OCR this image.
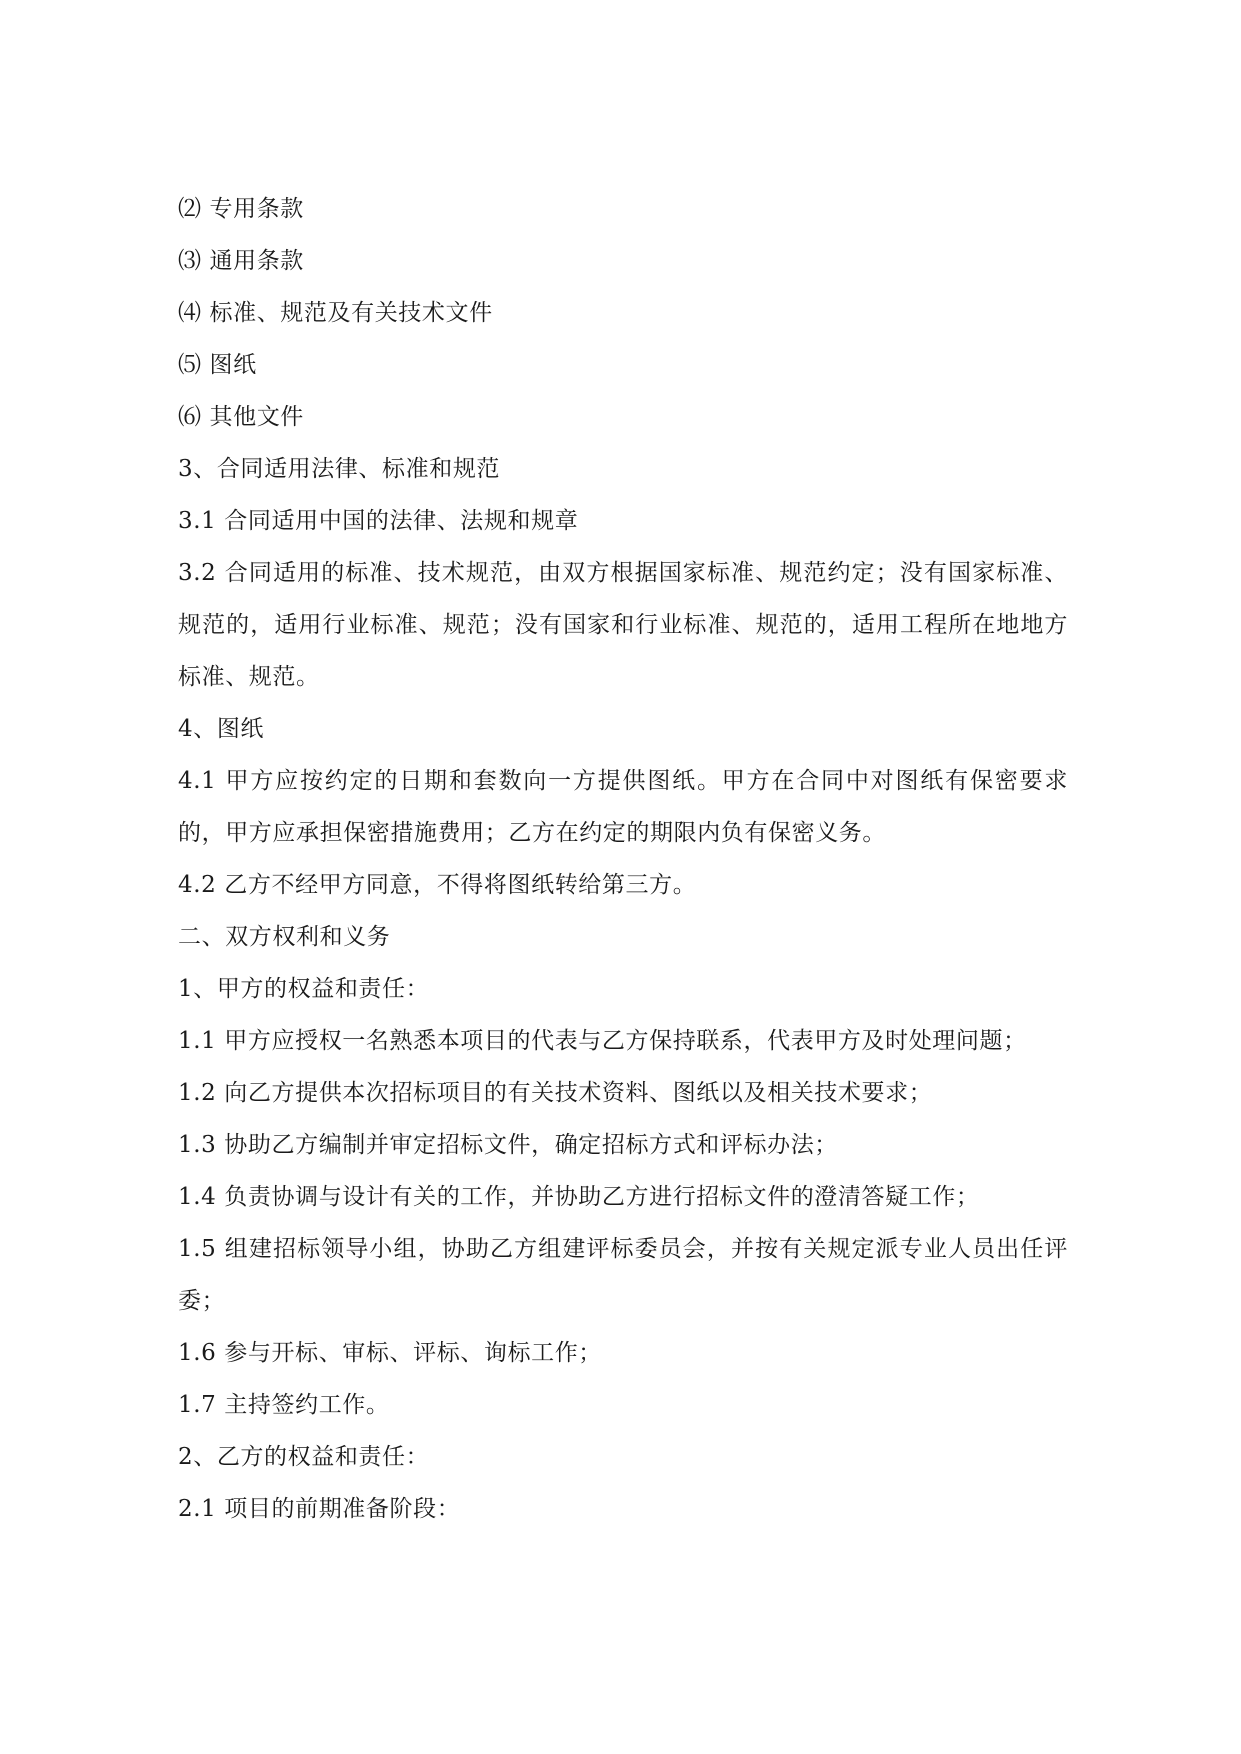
⑵ 专用条款

⑶ 通用条款

⑷ 标准、规范及有关技术文件

⑸ 图纸

⑹ 其他文件

3、合同适用法律、标准和规范

3.1 合同适用中国的法律、法规和规章

3.2 合同适用的标准、技术规范，由双方根据国家标准、规范约定；没有国家标准、规范的，适用行业标准、规范；没有国家和行业标准、规范的，适用工程所在地地方标准、规范。

4、图纸

4.1 甲方应按约定的日期和套数向一方提供图纸。甲方在合同中对图纸有保密要求的，甲方应承担保密措施费用；乙方在约定的期限内负有保密义务。

4.2 乙方不经甲方同意，不得将图纸转给第三方。

二、双方权利和义务

1、甲方的权益和责任：

1.1 甲方应授权一名熟悉本项目的代表与乙方保持联系，代表甲方及时处理问题；

1.2 向乙方提供本次招标项目的有关技术资料、图纸以及相关技术要求；

1.3 协助乙方编制并审定招标文件，确定招标方式和评标办法；

1.4 负责协调与设计有关的工作，并协助乙方进行招标文件的澄清答疑工作；

1.5 组建招标领导小组，协助乙方组建评标委员会，并按有关规定派专业人员出任评委；

1.6 参与开标、审标、评标、询标工作；

1.7 主持签约工作。

2、乙方的权益和责任：

2.1 项目的前期准备阶段：
